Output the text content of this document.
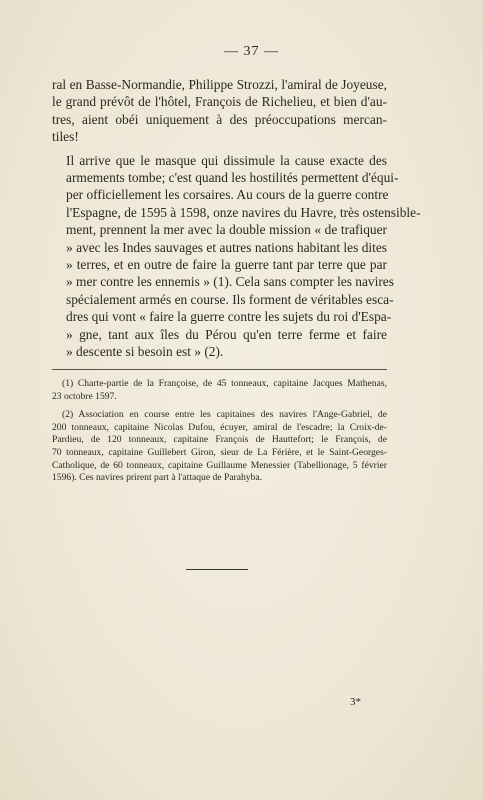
— 37 —

ral en Basse-Normandie, Philippe Strozzi, l'amiral de Joyeuse,
le grand prévôt de l'hôtel, François de Richelieu, et bien d'au-
tres, aient obéi uniquement à des préoccupations mercan-
tiles!

Il arrive que le masque qui dissimule la cause exacte des
armements tombe; c'est quand les hostilités permettent d'équi-
per officiellement les corsaires. Au cours de la guerre contre
l'Espagne, de 1595 à 1598, onze navires du Havre, très ostensible-
ment, prennent la mer avec la double mission « de trafiquer
» avec les Indes sauvages et autres nations habitant les dites
» terres, et en outre de faire la guerre tant par terre que par
» mer contre les ennemis » (1). Cela sans compter les navires
spécialement armés en course. Ils forment de véritables esca-
dres qui vont « faire la guerre contre les sujets du roi d'Espa-
» gne, tant aux îles du Pérou qu'en terre ferme et faire
» descente si besoin est » (2).

(1) Charte-partie de la Françoise, de 45 tonneaux, capitaine Jacques Mathenas,
23 octobre 1597.
(2) Association en course entre les capitaines des navires l'Ange-Gabriel, de
200 tonneaux, capitaine Nicolas Dufou, écuyer, amiral de l'escadre; la Croix-de-
Pardieu, de 120 tonneaux, capitaine François de Hauttefort; le François, de
70 tonneaux, capitaine Guillebert Giron, sieur de La Férière, et le Saint-Georges-
Catholique, de 60 tonneaux, capitaine Guillaume Menessier (Tabellionage, 5 février
1596). Ces navires prirent part à l'attaque de Parahyba.
3*
